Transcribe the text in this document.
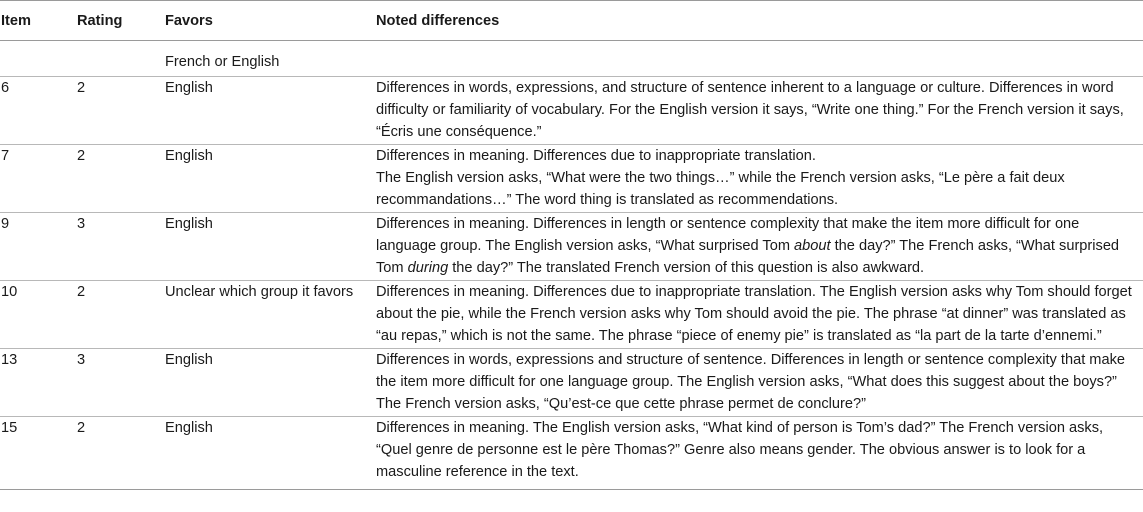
Item	Rating	Favors	Noted differences
		French or English	
6	2	English	Differences in words, expressions, and structure of sentence inherent to a language or culture. Differences in word difficulty or familiarity of vocabulary. For the English version it says, “Write one thing.” For the French version it says, “Écris une conséquence.”

7	2	English	Differences in meaning. Differences due to inappropriate translation.
The English version asks, “What were the two things…” while the French version asks, “Le père a fait deux recommandations…” The word thing is translated as recommendations.

9	3	English	Differences in meaning. Differences in length or sentence complexity that make the item more difficult for one language group. The English version asks, “What surprised Tom about the day?” The French asks, “What surprised Tom during the day?” The translated French version of this question is also awkward.

10	2	Unclear which group it favors	Differences in meaning. Differences due to inappropriate translation. The English version asks why Tom should forget about the pie, while the French version asks why Tom should avoid the pie. The phrase “at dinner” was translated as “au repas,” which is not the same. The phrase “piece of enemy pie” is translated as “la part de la tarte d’ennemi.”

13	3	English	Differences in words, expressions and structure of sentence. Differences in length or sentence complexity that make the item more difficult for one language group. The English version asks, “What does this suggest about the boys?” The French version asks, “Qu’est-ce que cette phrase permet de conclure?”

15	2	English	Differences in meaning. The English version asks, “What kind of person is Tom’s dad?” The French version asks, “Quel genre de personne est le père Thomas?” Genre also means gender. The obvious answer is to look for a masculine reference in the text.
